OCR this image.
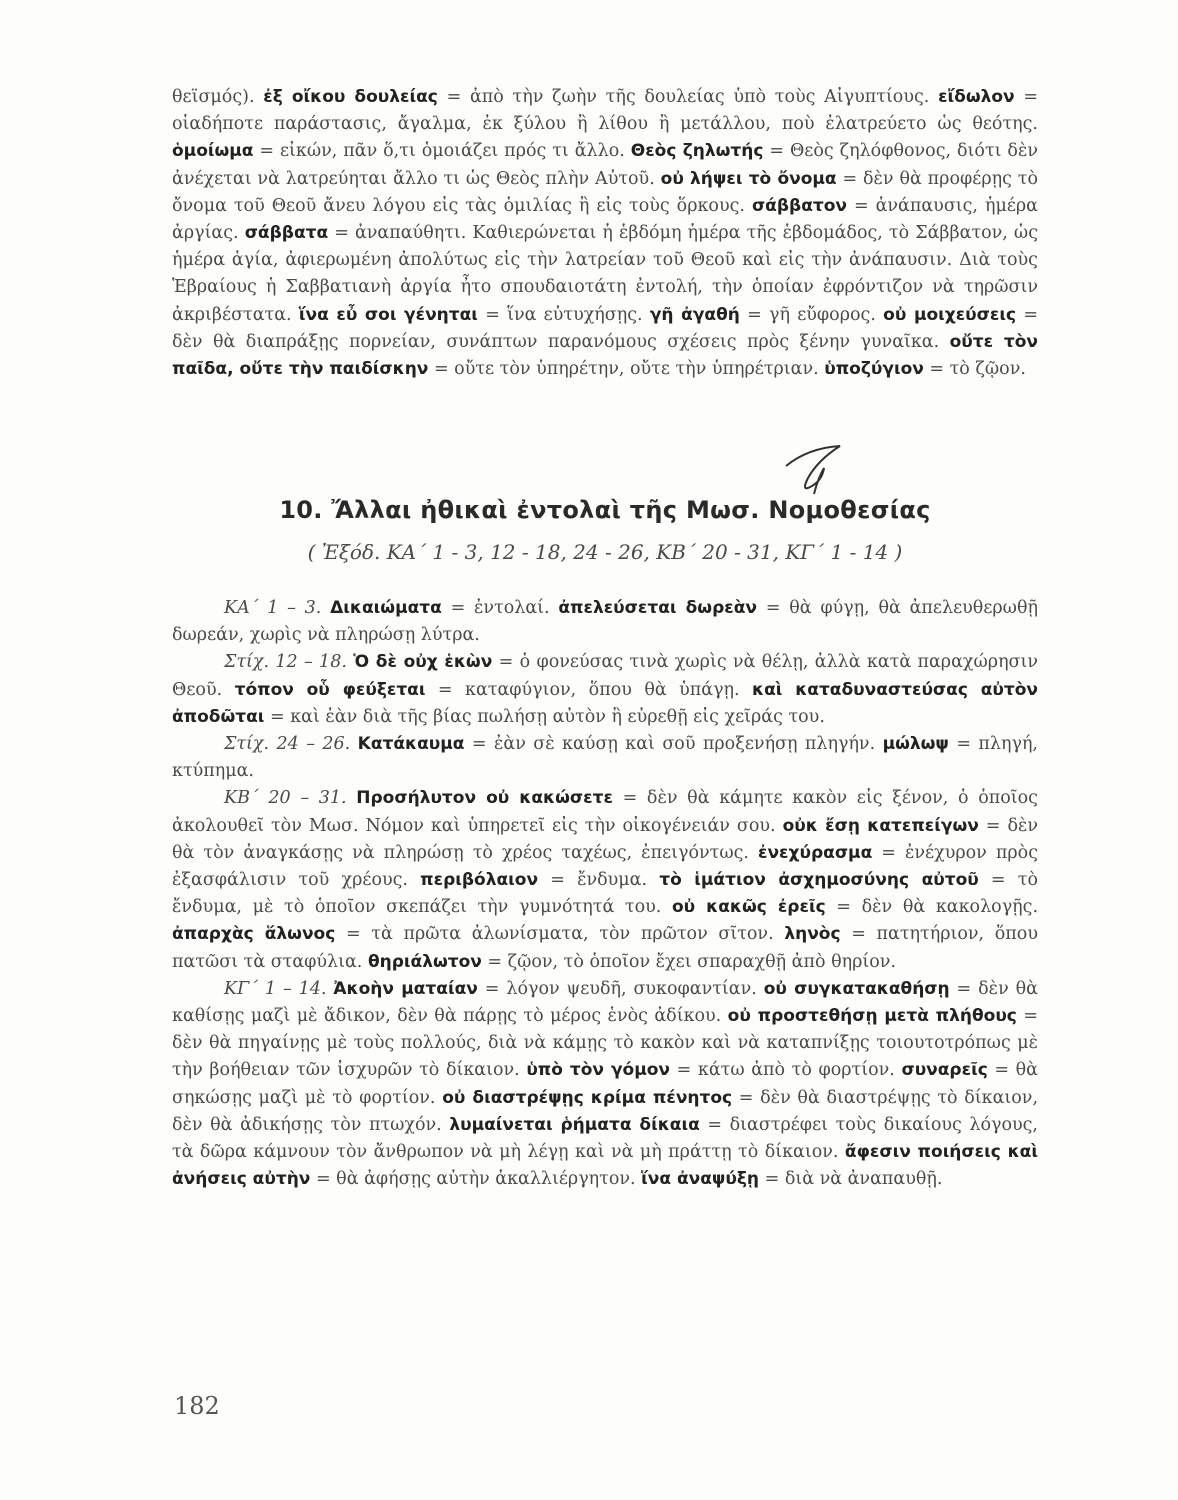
θεϊσμός). ἐξ οἴκου δουλείας = ἀπὸ τὴν ζωὴν τῆς δουλείας ὑπὸ τοὺς Αἰγυπτίους. εἴδωλον = οἱαδήποτε παράστασις, ἄγαλμα, ἐκ ξύλου ἢ λίθου ἢ μετάλλου, ποὺ ἐλατρεύετο ὡς θεότης. ὁμοίωμα = εἰκών, πᾶν ὅ,τι ὁμοιάζει πρός τι ἄλλο. Θεὸς ζηλωτής = Θεὸς ζηλόφθονος, διότι δὲν ἀνέχεται νὰ λατρεύηται ἄλλο τι ὡς Θεὸς πλὴν Αὐτοῦ. οὐ λήψει τὸ ὄνομα = δὲν θὰ προφέρῃς τὸ ὄνομα τοῦ Θεοῦ ἄνευ λόγου εἰς τὰς ὁμιλίας ἢ εἰς τοὺς ὅρκους. σάββατον = ἀνάπαυσις, ἡμέρα ἀργίας. σάββατα = ἀναπαύθητι. Καθιερώνεται ἡ ἑβδόμη ἡμέρα τῆς ἑβδομάδος, τὸ Σάββατον, ὡς ἡμέρα ἁγία, ἀφιερωμένη ἀπολύτως εἰς τὴν λατρείαν τοῦ Θεοῦ καὶ εἰς τὴν ἀνάπαυσιν. Διὰ τοὺς Ἑβραίους ἡ Σαββατιανὴ ἀργία ἦτο σπουδαιοτάτη ἐντολή, τὴν ὁποίαν ἐφρόντιζον νὰ τηρῶσιν ἀκριβέστατα. ἵνα εὖ σοι γένηται = ἵνα εὐτυχήσῃς. γῆ ἀγαθή = γῆ εὔφορος. οὐ μοιχεύσεις = δὲν θὰ διαπράξῃς πορνείαν, συνάπτων παρανόμους σχέσεις πρὸς ξένην γυναῖκα. οὔτε τὸν παῖδα, οὔτε τὴν παιδίσκην = οὔτε τὸν ὑπηρέτην, οὔτε τὴν ὑπηρέτριαν. ὑποζύγιον = τὸ ζῷον.
10. Ἄλλαι ἠθικαὶ ἐντολαὶ τῆς Μωσ. Νομοθεσίας
( Ἐξόδ. ΚΑ΄ 1 - 3, 12 - 18, 24 - 26, ΚΒ΄ 20 - 31, ΚΓ΄ 1 - 14 )
ΚΑ΄ 1 – 3. Δικαιώματα = ἐντολαί. ἀπελεύσεται δωρεὰν = θὰ φύγῃ, θὰ ἀπελευθερωθῇ δωρεάν, χωρὶς νὰ πληρώσῃ λύτρα.
Στίχ. 12 – 18. Ὁ δὲ οὐχ ἑκὼν = ὁ φονεύσας τινὰ χωρὶς νὰ θέλῃ, ἀλλὰ κατὰ παραχώρησιν Θεοῦ. τόπον οὗ φεύξεται = καταφύγιον, ὅπου θὰ ὑπάγῃ. καὶ καταδυναστεύσας αὐτὸν ἀποδῶται = καὶ ἐὰν διὰ τῆς βίας πωλήσῃ αὐτὸν ἢ εὑρεθῇ εἰς χεῖράς του.
Στίχ. 24 – 26. Κατάκαυμα = ἐὰν σὲ καύσῃ καὶ σοῦ προξενήσῃ πληγήν. μώλωψ = πληγή, κτύπημα.
ΚΒ΄ 20 – 31. Προσήλυτον οὐ κακώσετε = δὲν θὰ κάμητε κακὸν εἰς ξένον, ὁ ὁποῖος ἀκολουθεῖ τὸν Μωσ. Νόμον καὶ ὑπηρετεῖ εἰς τὴν οἰκογένειάν σου. οὐκ ἔσῃ κατεπείγων = δὲν θὰ τὸν ἀναγκάσῃς νὰ πληρώσῃ τὸ χρέος ταχέως, ἐπειγόντως. ἐνεχύρασμα = ἐνέχυρον πρὸς ἐξασφάλισιν τοῦ χρέους. περιβόλαιον = ἔνδυμα. τὸ ἱμάτιον ἀσχημοσύνης αὐτοῦ = τὸ ἔνδυμα, μὲ τὸ ὁποῖον σκεπάζει τὴν γυμνότητά του. οὐ κακῶς ἐρεῖς = δὲν θὰ κακολογῇς. ἀπαρχὰς ἅλωνος = τὰ πρῶτα ἀλωνίσματα, τὸν πρῶτον σῖτον. ληνὸς = πατητήριον, ὅπου πατῶσι τὰ σταφύλια. θηριάλωτον = ζῷον, τὸ ὁποῖον ἔχει σπαραχθῇ ἀπὸ θηρίον.
ΚΓ΄ 1 – 14. Ἀκοὴν ματαίαν = λόγον ψευδῆ, συκοφαντίαν. οὐ συγκατακαθήσῃ = δὲν θὰ καθίσῃς μαζὶ μὲ ἄδικον, δὲν θὰ πάρῃς τὸ μέρος ἑνὸς ἀδίκου. οὐ προστεθήσῃ μετὰ πλήθους = δὲν θὰ πηγαίνῃς μὲ τοὺς πολλούς, διὰ νὰ κάμῃς τὸ κακὸν καὶ νὰ καταπνίξῃς τοιουτοτρόπως μὲ τὴν βοήθειαν τῶν ἰσχυρῶν τὸ δίκαιον. ὑπὸ τὸν γόμον = κάτω ἀπὸ τὸ φορτίον. συναρεῖς = θὰ σηκώσῃς μαζὶ μὲ τὸ φορτίον. οὐ διαστρέψῃς κρίμα πένητος = δὲν θὰ διαστρέψῃς τὸ δίκαιον, δὲν θὰ ἀδικήσῃς τὸν πτωχόν. λυμαίνεται ῥήματα δίκαια = διαστρέφει τοὺς δικαίους λόγους, τὰ δῶρα κάμνουν τὸν ἄνθρωπον νὰ μὴ λέγῃ καὶ νὰ μὴ πράττῃ τὸ δίκαιον. ἄφεσιν ποιήσεις καὶ ἀνήσεις αὐτὴν = θὰ ἀφήσῃς αὐτὴν ἀκαλλιέργητον. ἵνα ἀναψύξῃ = διὰ νὰ ἀναπαυθῇ.
182
